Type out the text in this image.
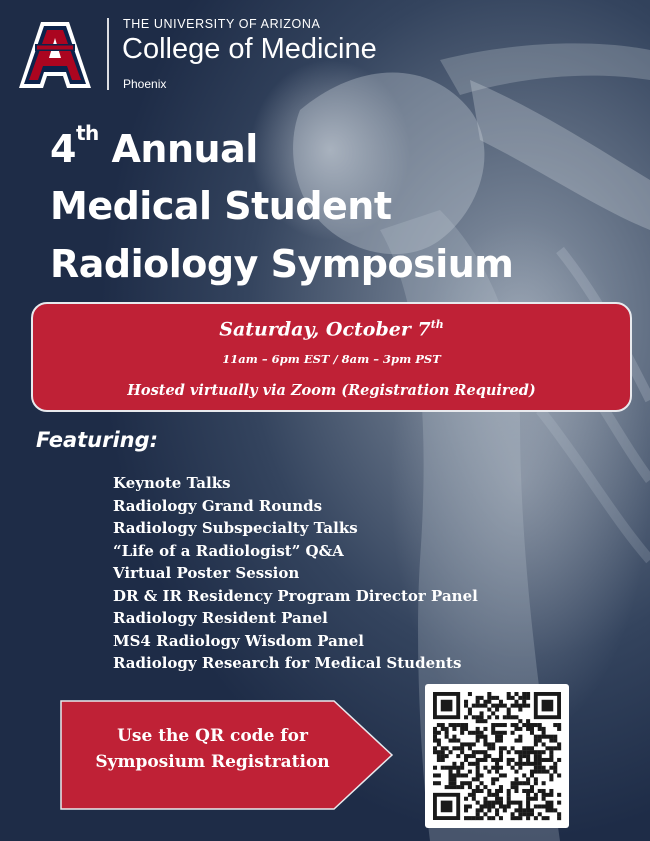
THE UNIVERSITY OF ARIZONA
College of Medicine
Phoenix
4th Annual
Medical Student
Radiology Symposium
Saturday, October 7th
11am – 6pm EST / 8am – 3pm PST
Hosted virtually via Zoom (Registration Required)
Featuring:
Keynote Talks
Radiology Grand Rounds
Radiology Subspecialty Talks
“Life of a Radiologist” Q&A
Virtual Poster Session
DR & IR Residency Program Director Panel
Radiology Resident Panel
MS4 Radiology Wisdom Panel
Radiology Research for Medical Students
Use the QR code for
Symposium Registration
